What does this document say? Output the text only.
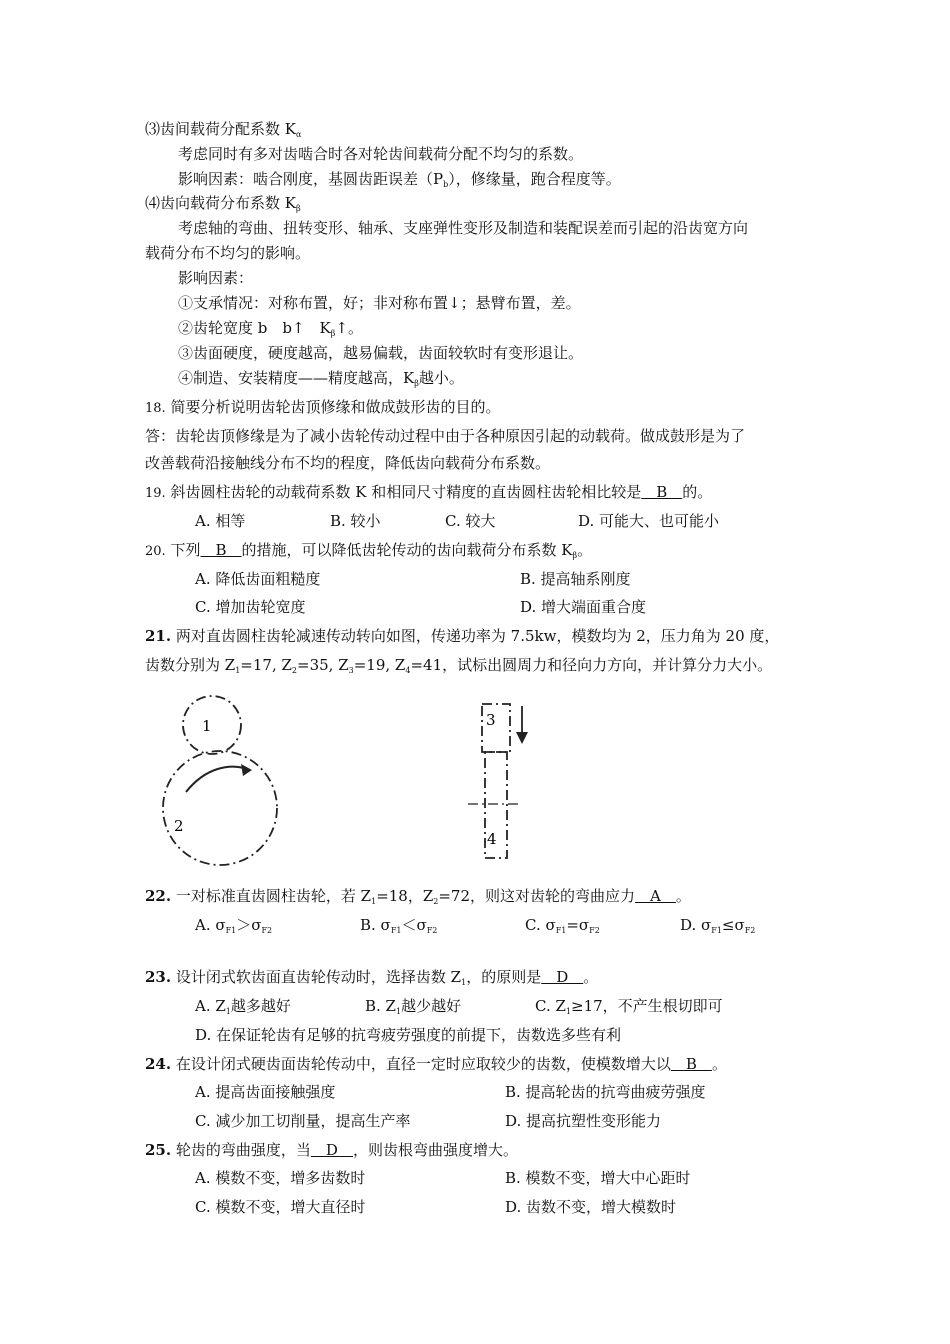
⑶齿间载荷分配系数 $K_\alpha$
考虑同时有多对齿啮合时各对轮齿间载荷分配不均匀的系数。
影响因素：啮合刚度，基圆齿距误差$(P_b)$，修缘量，跑合程度等。
⑷齿向载荷分布系数 $K_\beta$
考虑轴的弯曲、扭转变形、轴承、支座弹性变形及制造和装配误差而引起的沿齿宽方向
载荷分布不均匀的影响。
影响因素：
①支承情况：对称布置，好；非对称布置↓；悬臂布置，差。
②齿轮宽度 b　b↑　$K_\beta↑$。
③齿面硬度，硬度越高，越易偏载，齿面较软时有变形退让。
④制造、安装精度——精度越高，$K_\beta$越小。
18. 简要分析说明齿轮齿顶修缘和做成鼓形齿的目的。
答：齿轮齿顶修缘是为了减小齿轮传动过程中由于各种原因引起的动载荷。做成鼓形是为了
改善载荷沿接触线分布不均的程度，降低齿向载荷分布系数。
19. 斜齿圆柱齿轮的动载荷系数 K 和相同尺寸精度的直齿圆柱齿轮相比较是　B　的。
A. 相等	B. 较小	C. 较大	D. 可能大、也可能小
20. 下列　B　的措施，可以降低齿轮传动的齿向载荷分布系数 $K_\beta$。
A. 降低齿面粗糙度	B. 提高轴系刚度
C. 增加齿轮宽度	D. 增大端面重合度
21. 两对直齿圆柱齿轮减速传动转向如图，传递功率为 7.5kw，模数均为 2，压力角为 20 度，
齿数分别为 $Z_1=17$, $Z_2=35$, $Z_3=19$, $Z_4=41$，试标出圆周力和径向力方向，并计算分力大小。
1
2
3
4
22. 一对标准直齿圆柱齿轮，若 $Z_1=18$，$Z_2=72$，则这对齿轮的弯曲应力　A　。
A. $\sigma_{F1}>\sigma_{F2}$	B. $\sigma_{F1}<\sigma_{F2}$	C. $\sigma_{F1}=\sigma_{F2}$	D. $\sigma_{F1}\le\sigma_{F2}$
23. 设计闭式软齿面直齿轮传动时，选择齿数 $Z_1$，的原则是　D　。
A. $Z_1$越多越好	B. $Z_1$越少越好	C. $Z_1\ge 17$，不产生根切即可
D. 在保证轮齿有足够的抗弯疲劳强度的前提下，齿数选多些有利
24. 在设计闭式硬齿面齿轮传动中，直径一定时应取较少的齿数，使模数增大以　B　。
A. 提高齿面接触强度	B. 提高轮齿的抗弯曲疲劳强度
C. 减少加工切削量，提高生产率	D. 提高抗塑性变形能力
25. 轮齿的弯曲强度，当　D　，则齿根弯曲强度增大。
A. 模数不变，增多齿数时	B. 模数不变，增大中心距时
C. 模数不变，增大直径时	D. 齿数不变，增大模数时
